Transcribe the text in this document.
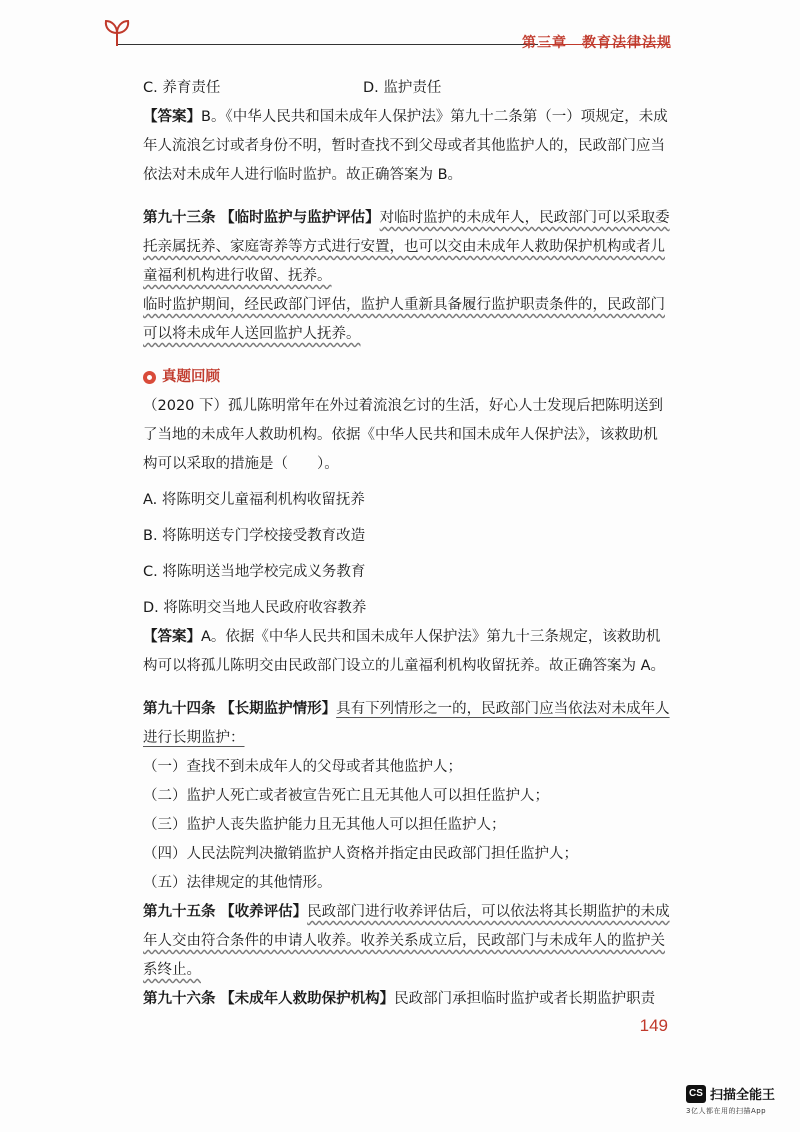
第三章　教育法律法规
C. 养育责任	D. 监护责任

【答案】B。《中华人民共和国未成年人保护法》第九十二条第（一）项规定，未成年人流浪乞讨或者身份不明，暂时查找不到父母或者其他监护人的，民政部门应当依法对未成年人进行临时监护。故正确答案为 B。

第九十三条 【临时监护与监护评估】对临时监护的未成年人，民政部门可以采取委托亲属抚养、家庭寄养等方式进行安置，也可以交由未成年人救助保护机构或者儿童福利机构进行收留、抚养。

临时监护期间，经民政部门评估，监护人重新具备履行监护职责条件的，民政部门可以将未成年人送回监护人抚养。

真题回顾

（2020 下）孤儿陈明常年在外过着流浪乞讨的生活，好心人士发现后把陈明送到了当地的未成年人救助机构。依据《中华人民共和国未成年人保护法》，该救助机构可以采取的措施是（　　）。

A. 将陈明交儿童福利机构收留抚养

B. 将陈明送专门学校接受教育改造

C. 将陈明送当地学校完成义务教育

D. 将陈明交当地人民政府收容教养

【答案】A。依据《中华人民共和国未成年人保护法》第九十三条规定，该救助机构可以将孤儿陈明交由民政部门设立的儿童福利机构收留抚养。故正确答案为 A。

第九十四条 【长期监护情形】具有下列情形之一的，民政部门应当依法对未成年人进行长期监护：

（一）查找不到未成年人的父母或者其他监护人；

（二）监护人死亡或者被宣告死亡且无其他人可以担任监护人；

（三）监护人丧失监护能力且无其他人可以担任监护人；

（四）人民法院判决撤销监护人资格并指定由民政部门担任监护人；

（五）法律规定的其他情形。

第九十五条 【收养评估】民政部门进行收养评估后，可以依法将其长期监护的未成年人交由符合条件的申请人收养。收养关系成立后，民政部门与未成年人的监护关系终止。

第九十六条 【未成年人救助保护机构】民政部门承担临时监护或者长期监护职责

149
CS 扫描全能王
3亿人都在用的扫描App
